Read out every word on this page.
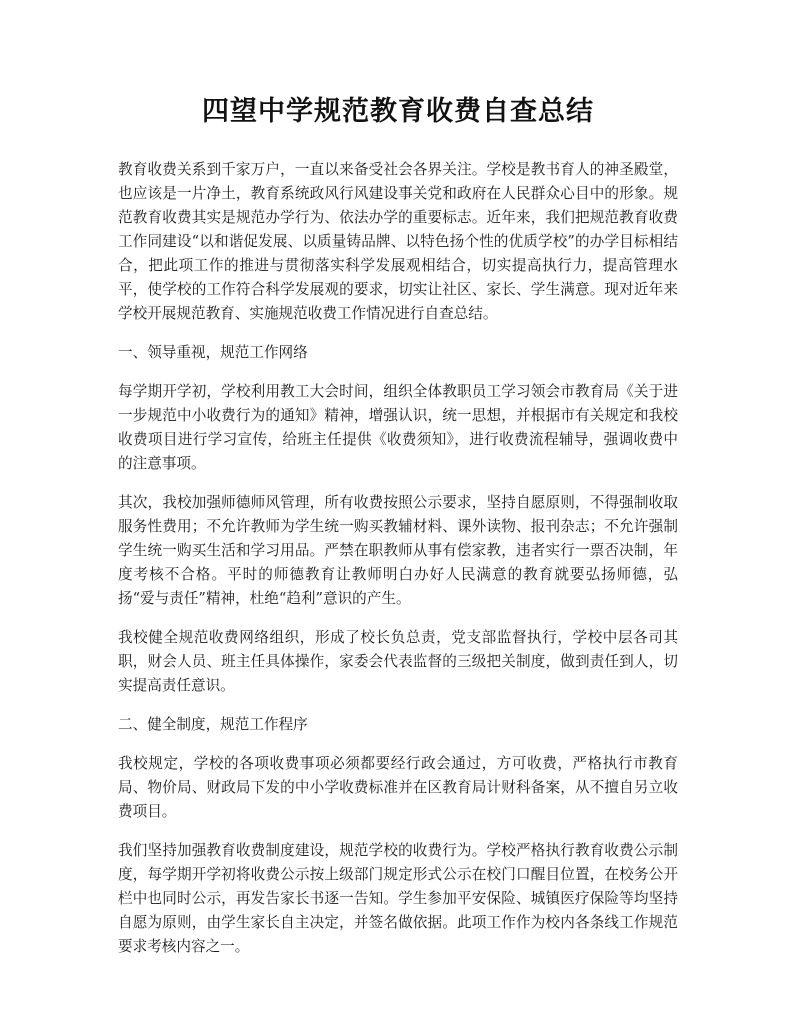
四望中学规范教育收费自查总结

教育收费关系到千家万户，一直以来备受社会各界关注。学校是教书育人的神圣殿堂，也应该是一片净土，教育系统政风行风建设事关党和政府在人民群众心目中的形象。规范教育收费其实是规范办学行为、依法办学的重要标志。近年来，我们把规范教育收费工作同建设“以和谐促发展、以质量铸品牌、以特色扬个性的优质学校”的办学目标相结合，把此项工作的推进与贯彻落实科学发展观相结合，切实提高执行力，提高管理水平，使学校的工作符合科学发展观的要求，切实让社区、家长、学生满意。现对近年来学校开展规范教育、实施规范收费工作情况进行自查总结。

一、领导重视，规范工作网络

每学期开学初，学校利用教工大会时间，组织全体教职员工学习领会市教育局《关于进一步规范中小收费行为的通知》精神，增强认识，统一思想，并根据市有关规定和我校收费项目进行学习宣传，给班主任提供《收费须知》，进行收费流程辅导，强调收费中的注意事项。

其次，我校加强师德师风管理，所有收费按照公示要求，坚持自愿原则，不得强制收取服务性费用；不允许教师为学生统一购买教辅材料、课外读物、报刊杂志；不允许强制学生统一购买生活和学习用品。严禁在职教师从事有偿家教，违者实行一票否决制，年度考核不合格。平时的师德教育让教师明白办好人民满意的教育就要弘扬师德，弘扬“爱与责任”精神，杜绝“趋利”意识的产生。

我校健全规范收费网络组织，形成了校长负总责，党支部监督执行，学校中层各司其职，财会人员、班主任具体操作，家委会代表监督的三级把关制度，做到责任到人，切实提高责任意识。

二、健全制度，规范工作程序

我校规定，学校的各项收费事项必须都要经行政会通过，方可收费，严格执行市教育局、物价局、财政局下发的中小学收费标准并在区教育局计财科备案，从不擅自另立收费项目。

我们坚持加强教育收费制度建设，规范学校的收费行为。学校严格执行教育收费公示制度，每学期开学初将收费公示按上级部门规定形式公示在校门口醒目位置，在校务公开栏中也同时公示，再发告家长书逐一告知。学生参加平安保险、城镇医疗保险等均坚持自愿为原则，由学生家长自主决定，并签名做依据。此项工作作为校内各条线工作规范要求考核内容之一。
